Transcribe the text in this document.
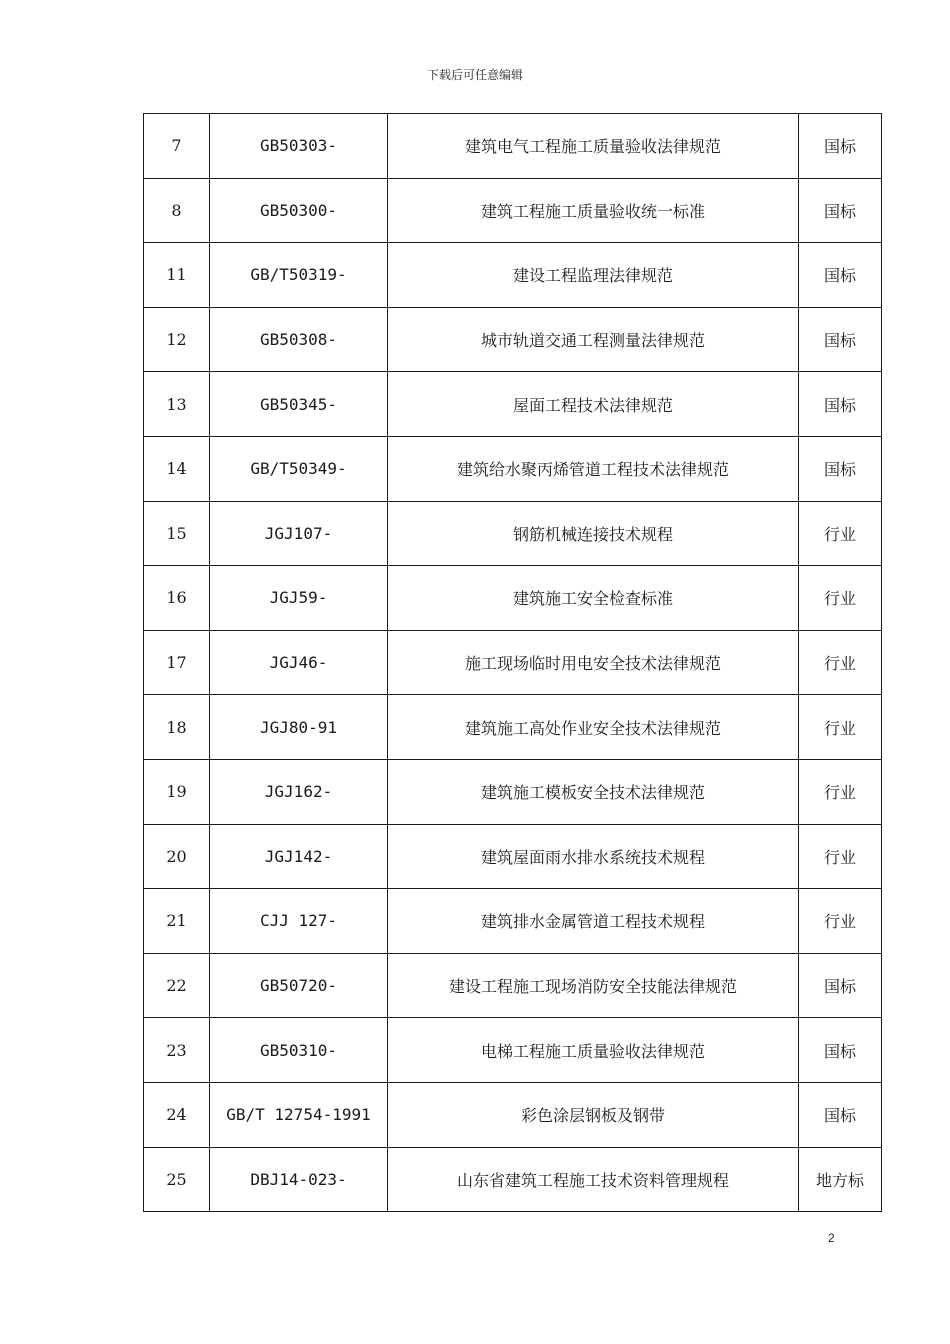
下载后可任意编辑
7	GB50303-	建筑电气工程施工质量验收法律规范	国标
8	GB50300-	建筑工程施工质量验收统一标准	国标
11	GB/T50319-	建设工程监理法律规范	国标
12	GB50308-	城市轨道交通工程测量法律规范	国标
13	GB50345-	屋面工程技术法律规范	国标
14	GB/T50349-	建筑给水聚丙烯管道工程技术法律规范	国标
15	JGJ107-	钢筋机械连接技术规程	行业
16	JGJ59-	建筑施工安全检查标准	行业
17	JGJ46-	施工现场临时用电安全技术法律规范	行业
18	JGJ80-91	建筑施工高处作业安全技术法律规范	行业
19	JGJ162-	建筑施工模板安全技术法律规范	行业
20	JGJ142-	建筑屋面雨水排水系统技术规程	行业
21	CJJ 127-	建筑排水金属管道工程技术规程	行业
22	GB50720-	建设工程施工现场消防安全技能法律规范	国标
23	GB50310-	电梯工程施工质量验收法律规范	国标
24	GB/T 12754-1991	彩色涂层钢板及钢带	国标
25	DBJ14-023-	山东省建筑工程施工技术资料管理规程	地方标
2
